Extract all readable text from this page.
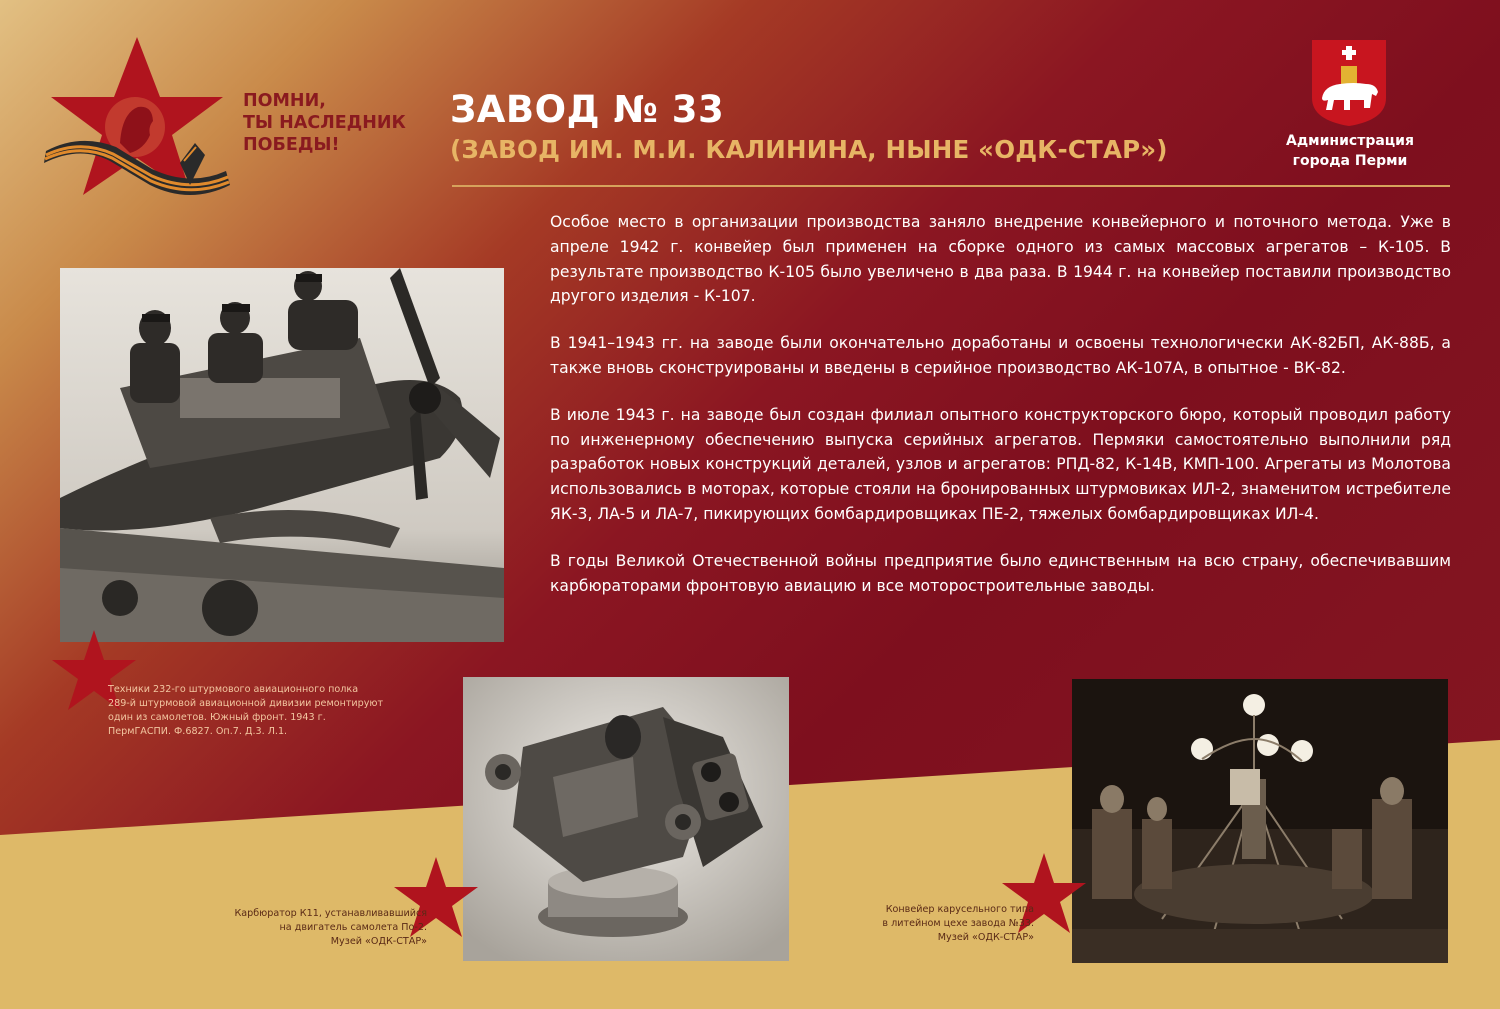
ПОМНИ,
ТЫ НАСЛЕДНИК
ПОБЕДЫ!
ЗАВОД № 33
(ЗАВОД ИМ. М.И. КАЛИНИНА, НЫНЕ «ОДК-СТАР»)	Администрация
города Перми

Особое место в организации производства заняло внедрение конвейерного и поточного метода. Уже в апреле 1942 г. конвейер был применен на сборке одного из самых массовых агрегатов – К-105. В результате производство К-105 было увеличено в два раза. В 1944 г. на конвейер поставили производство другого изделия - К-107.

В 1941–1943 гг. на заводе были окончательно доработаны и освоены технологически АК-82БП, АК-88Б, а также вновь сконструированы и введены в серийное производство АК-107А, в опытное - ВК-82.

В июле 1943 г. на заводе был создан филиал опытного конструкторского бюро, который проводил работу по инженерному обеспечению выпуска серийных агрегатов. Пермяки самостоятельно выполнили ряд разработок новых конструкций деталей, узлов и агрегатов: РПД-82, К-14В, КМП-100. Агрегаты из Молотова использовались в моторах, которые стояли на бронированных штурмовиках ИЛ-2, знаменитом истребителе ЯК-3, ЛА-5 и ЛА-7, пикирующих бомбардировщиках ПЕ-2, тяжелых бомбардировщиках ИЛ-4.

В годы Великой Отечественной войны предприятие было единственным на всю страну, обеспечивавшим карбюраторами фронтовую авиацию и все моторостроительные заводы.

Техники 232-го штурмового авиационного полка
289-й штурмовой авиационной дивизии ремонтируют
один из самолетов. Южный фронт. 1943 г.
ПермГАСПИ. Ф.6827. Оп.7. Д.3. Л.1.
Карбюратор К11, устанавливавшийся
на двигатель самолета По-2.
Музей «ОДК-СТАР»
Конвейер карусельного типа
в литейном цехе завода №33.
Музей «ОДК-СТАР»
